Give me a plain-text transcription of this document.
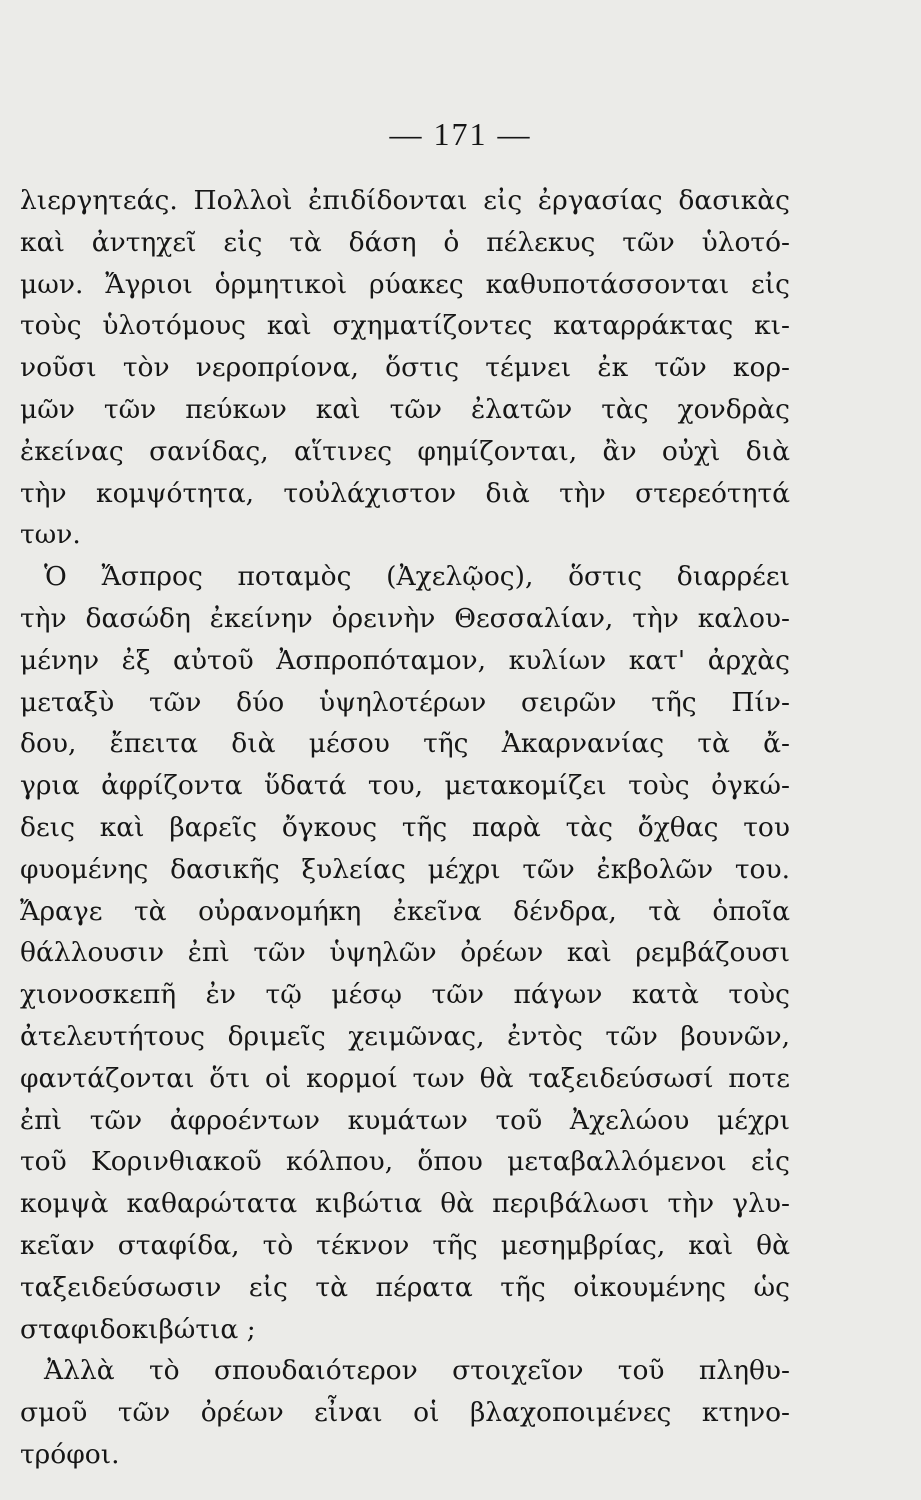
— 171 —
λιεργητεάς. Πολλοὶ ἐπιδίδονται εἰς ἐργασίας δασικὰς
καὶ ἀντηχεῖ εἰς τὰ δάση ὁ πέλεκυς τῶν ὑλοτό-
μων. Ἄγριοι ὁρμητικοὶ ρύακες καθυποτάσσονται εἰς
τοὺς ὑλοτόμους καὶ σχηματίζοντες καταρράκτας κι-
νοῦσι τὸν νεροπρίονα, ὅστις τέμνει ἐκ τῶν κορ-
μῶν τῶν πεύκων καὶ τῶν ἐλατῶν τὰς χονδρὰς
ἐκείνας σανίδας, αἵτινες φημίζονται, ἂν οὐχὶ διὰ
τὴν κομψότητα, τοὐλάχιστον διὰ τὴν στερεότητά
των.
Ὁ Ἄσπρος ποταμὸς (Ἀχελῷος), ὅστις διαρρέει
τὴν δασώδη ἐκείνην ὀρεινὴν Θεσσαλίαν, τὴν καλου-
μένην ἐξ αὐτοῦ Ἀσπροπόταμον, κυλίων κατ' ἀρχὰς
μεταξὺ τῶν δύο ὑψηλοτέρων σειρῶν τῆς Πίν-
δου, ἔπειτα διὰ μέσου τῆς Ἀκαρνανίας τὰ ἄ-
γρια ἀφρίζοντα ὕδατά του, μετακομίζει τοὺς ὀγκώ-
δεις καὶ βαρεῖς ὄγκους τῆς παρὰ τὰς ὄχθας του
φυομένης δασικῆς ξυλείας μέχρι τῶν ἐκβολῶν του.
Ἄραγε τὰ οὐρανομήκη ἐκεῖνα δένδρα, τὰ ὁποῖα
θάλλουσιν ἐπὶ τῶν ὑψηλῶν ὀρέων καὶ ρεμβάζουσι
χιονοσκεπῆ ἐν τῷ μέσῳ τῶν πάγων κατὰ τοὺς
ἀτελευτήτους δριμεῖς χειμῶνας, ἐντὸς τῶν βουνῶν,
φαντάζονται ὅτι οἱ κορμοί των θὰ ταξειδεύσωσί ποτε
ἐπὶ τῶν ἀφροέντων κυμάτων τοῦ Ἀχελώου μέχρι
τοῦ Κορινθιακοῦ κόλπου, ὅπου μεταβαλλόμενοι εἰς
κομψὰ καθαρώτατα κιβώτια θὰ περιβάλωσι τὴν γλυ-
κεῖαν σταφίδα, τὸ τέκνον τῆς μεσημβρίας, καὶ θὰ
ταξειδεύσωσιν εἰς τὰ πέρατα τῆς οἰκουμένης ὡς
σταφιδοκιβώτια ;
Ἀλλὰ τὸ σπουδαιότερον στοιχεῖον τοῦ πληθυ-
σμοῦ τῶν ὀρέων εἶναι οἱ βλαχοποιμένες κτηνο-
τρόφοι.
